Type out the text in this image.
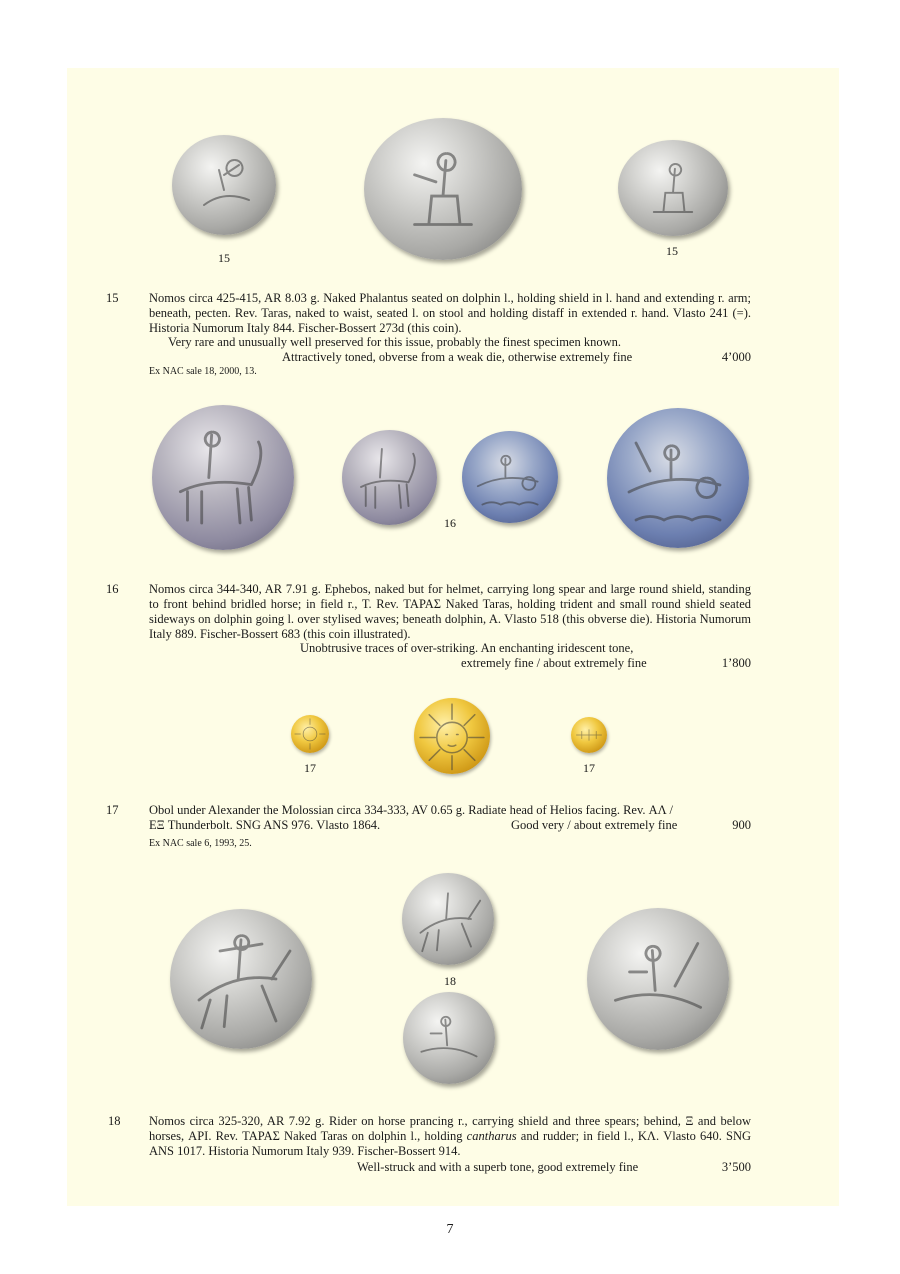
15	15
15 Nomos circa 425-415, AR 8.03 g. Naked Phalantus seated on dolphin l., holding shield in l. hand and extending r. arm; beneath, pecten. Rev. Taras, naked to waist, seated l. on stool and holding distaff in extended r. hand. Vlasto 241 (=). Historia Numorum Italy 844. Fischer-Bossert 273d (this coin).
Very rare and unusually well preserved for this issue, probably the finest specimen known.
Attractively toned, obverse from a weak die, otherwise extremely fine	4’000
Ex NAC sale 18, 2000, 13.
16
16 Nomos circa 344-340, AR 7.91 g. Ephebos, naked but for helmet, carrying long spear and large round shield, standing to front behind bridled horse; in field r., T. Rev. ΤΑΡΑΣ Naked Taras, holding trident and small round shield seated sideways on dolphin going l. over stylised waves; beneath dolphin, A. Vlasto 518 (this obverse die). Historia Numorum Italy 889. Fischer-Bossert 683 (this coin illustrated).
Unobtrusive traces of over-striking. An enchanting iridescent tone,
extremely fine / about extremely fine	1’800
17	17
17 Obol under Alexander the Molossian circa 334-333, AV 0.65 g. Radiate head of Helios facing. Rev. ΑΛ /
ΕΞ Thunderbolt. SNG ANS 976. Vlasto 1864.	Good very / about extremely fine	900
Ex NAC sale 6, 1993, 25.
18
18 Nomos circa 325-320, AR 7.92 g. Rider on horse prancing r., carrying shield and three spears; behind, Ξ and below horses, ΑΡΙ. Rev. ΤΑΡΑΣ Naked Taras on dolphin l., holding cantharus and rudder; in field l., ΚΛ. Vlasto 640. SNG ANS 1017. Historia Numorum Italy 939. Fischer-Bossert 914.
Well-struck and with a superb tone, good extremely fine	3’500
7
